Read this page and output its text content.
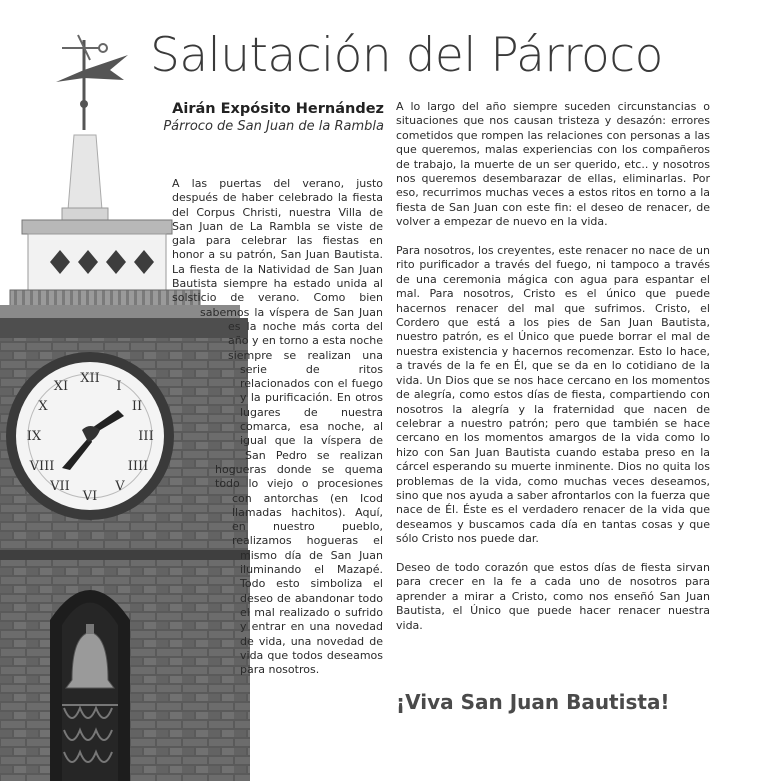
XII
I
II
III
IIII
V
VI
VII
VIII
IX
X
XI
Salutación del Párroco
Airán Expósito Hernández
Párroco de San Juan de la Rambla

A las puertas del verano, justo después de haber celebrado la fiesta del Corpus Christi, nuestra Villa de San Juan de La Rambla se viste de gala para celebrar las fiestas en honor a su patrón, San Juan Bautista. La fiesta de la Natividad de San Juan Bautista siempre ha estado unida al solsticio de verano. Como bien sabemos la víspera de San Juan es la noche más corta del año y en torno a esta noche siempre se realizan una serie de ritos relacionados con el fuego y la purificación. En otros lugares de nuestra comarca, esa noche, al igual que la víspera de San Pedro se realizan hogueras donde se quema todo lo viejo o procesiones con antorchas (en Icod llamadas hachitos). Aquí, en nuestro pueblo, realizamos hogueras el mismo día de San Juan iluminando el Mazapé. Todo esto simboliza el deseo de abandonar todo el mal realizado o sufrido y entrar en una novedad de vida, una novedad de vida que todos deseamos para nosotros.

A lo largo del año siempre suceden circunstancias o situaciones que nos causan tristeza y desazón: errores cometidos que rompen las relaciones con personas a las que queremos, malas experiencias con los compañeros de trabajo, la muerte de un ser querido, etc.. y nosotros nos queremos desembarazar de ellas, eliminarlas. Por eso, recurrimos muchas veces a estos ritos en torno a la fiesta de San Juan con este fin: el deseo de renacer, de volver a empezar de nuevo en la vida.

Para nosotros, los creyentes, este renacer no nace de un rito purificador a través del fuego, ni tampoco a través de una ceremonia mágica con agua para espantar el mal. Para nosotros, Cristo es el único que puede hacernos renacer del mal que sufrimos. Cristo, el Cordero que está a los pies de San Juan Bautista, nuestro patrón, es el Único que puede borrar el mal de nuestra existencia y hacernos recomenzar. Esto lo hace, a través de la fe en Él, que se da en lo cotidiano de la vida. Un Dios que se nos hace cercano en los momentos de alegría, como estos días de fiesta, compartiendo con nosotros la alegría y la fraternidad que nacen de celebrar a nuestro patrón; pero que también se hace cercano en los momentos amargos de la vida como lo hizo con San Juan Bautista cuando estaba preso en la cárcel esperando su muerte inminente. Dios no quita los problemas de la vida, como muchas veces deseamos, sino que nos ayuda a saber afrontarlos con la fuerza que nace de Él. Éste es el verdadero renacer de la vida que deseamos y buscamos cada día en tantas cosas y que sólo Cristo nos puede dar.

Deseo de todo corazón que estos días de fiesta sirvan para crecer en la fe a cada uno de nosotros para aprender a mirar a Cristo, como nos enseñó San Juan Bautista, el Único que puede hacer renacer nuestra vida.

¡Viva San Juan Bautista!
